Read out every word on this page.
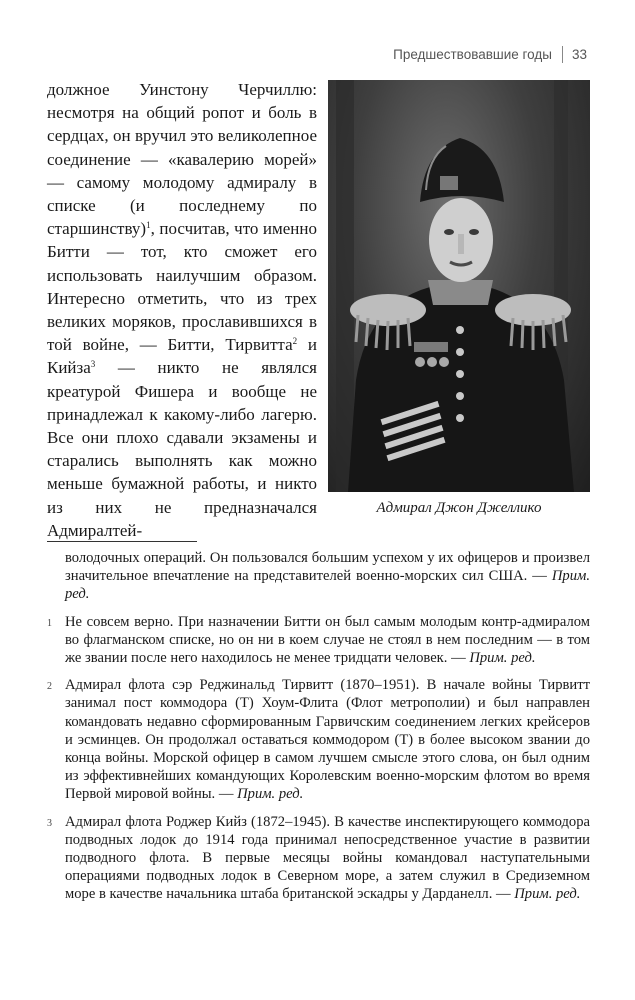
Предшествовавшие годы 33

должное Уинстону Черчиллю: несмотря на общий ропот и боль в сердцах, он вручил это великолепное соединение — «кавалерию морей» — самому молодому адмиралу в списке (и последнему по старшинству)$^1$, посчитав, что именно Битти — тот, кто сможет его использовать наилучшим образом. Интересно отметить, что из трех великих моряков, прославившихся в той войне, — Битти, Тирвитта$^2$ и Кийза$^3$ — никто не являлся креатурой Фишера и вообще не принадлежал к какому-либо лагерю. Все они плохо сдавали экзамены и старались выполнять как можно меньше бумажной работы, и никто из них не предназначался Адмиралтей-

Адмирал Джон Джеллико

володочных операций. Он пользовался большим успехом у их офицеров и произвел значительное впечатление на представителей военно-морских сил США. — Прим. ред.

1 Не совсем верно. При назначении Битти он был самым молодым контр-адмиралом во флагманском списке, но он ни в коем случае не стоял в нем последним — в том же звании после него находилось не менее тридцати человек. — Прим. ред.
2 Адмирал флота сэр Реджинальд Тирвитт (1870–1951). В начале войны Тирвитт занимал пост коммодора (Т) Хоум-Флита (Флот метрополии) и был направлен командовать недавно сформированным Гарвичским соединением легких крейсеров и эсминцев. Он продолжал оставаться коммодором (Т) в более высоком звании до конца войны. Морской офицер в самом лучшем смысле этого слова, он был одним из эффективнейших командующих Королевским военно-морским флотом во время Первой мировой войны. — Прим. ред.
3 Адмирал флота Роджер Кийз (1872–1945). В качестве инспектирующего коммодора подводных лодок до 1914 года принимал непосредственное участие в развитии подводного флота. В первые месяцы войны командовал наступательными операциями подводных лодок в Северном море, а затем служил в Средиземном море в качестве начальника штаба британской эскадры у Дарданелл. — Прим. ред.
